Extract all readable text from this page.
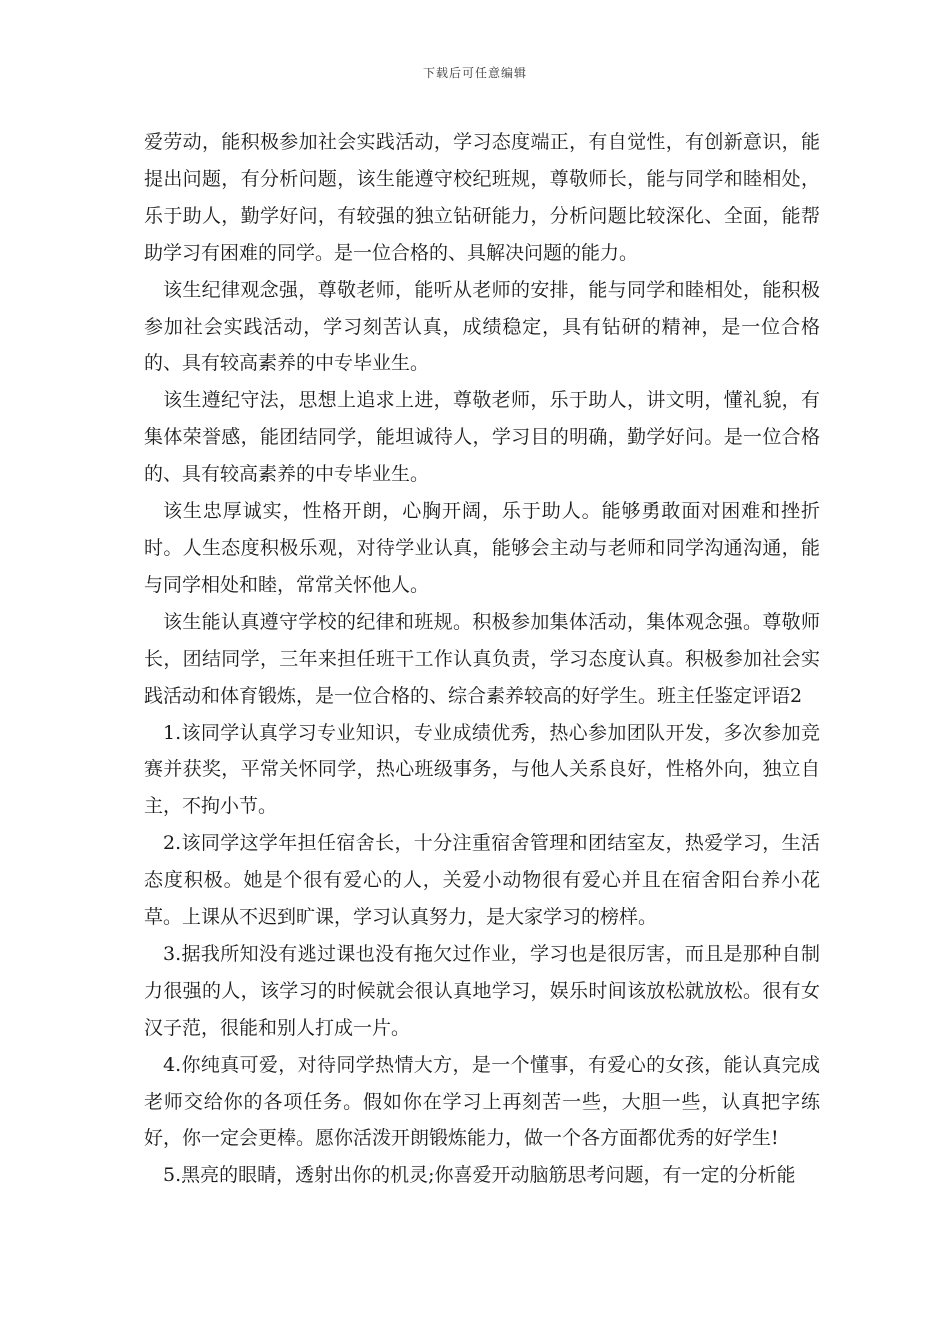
下载后可任意编辑

爱劳动，能积极参加社会实践活动，学习态度端正，有自觉性，有创新意识，能提出问题，有分析问题，该生能遵守校纪班规，尊敬师长，能与同学和睦相处，乐于助人，勤学好问，有较强的独立钻研能力，分析问题比较深化、全面，能帮助学习有困难的同学。是一位合格的、具解决问题的能力。

该生纪律观念强，尊敬老师，能听从老师的安排，能与同学和睦相处，能积极参加社会实践活动，学习刻苦认真，成绩稳定，具有钻研的精神，是一位合格的、具有较高素养的中专毕业生。

该生遵纪守法，思想上追求上进，尊敬老师，乐于助人，讲文明，懂礼貌，有集体荣誉感，能团结同学，能坦诚待人，学习目的明确，勤学好问。是一位合格的、具有较高素养的中专毕业生。

该生忠厚诚实，性格开朗，心胸开阔，乐于助人。能够勇敢面对困难和挫折时。人生态度积极乐观，对待学业认真，能够会主动与老师和同学沟通沟通，能与同学相处和睦，常常关怀他人。

该生能认真遵守学校的纪律和班规。积极参加集体活动，集体观念强。尊敬师长，团结同学，三年来担任班干工作认真负责，学习态度认真。积极参加社会实践活动和体育锻炼，是一位合格的、综合素养较高的好学生。班主任鉴定评语2

1.该同学认真学习专业知识，专业成绩优秀，热心参加团队开发，多次参加竞赛并获奖，平常关怀同学，热心班级事务，与他人关系良好，性格外向，独立自主，不拘小节。

2.该同学这学年担任宿舍长，十分注重宿舍管理和团结室友，热爱学习，生活态度积极。她是个很有爱心的人，关爱小动物很有爱心并且在宿舍阳台养小花草。上课从不迟到旷课，学习认真努力，是大家学习的榜样。

3.据我所知没有逃过课也没有拖欠过作业，学习也是很厉害，而且是那种自制力很强的人，该学习的时候就会很认真地学习，娱乐时间该放松就放松。很有女汉子范，很能和别人打成一片。

4.你纯真可爱，对待同学热情大方，是一个懂事，有爱心的女孩，能认真完成老师交给你的各项任务。假如你在学习上再刻苦一些，大胆一些，认真把字练好，你一定会更棒。愿你活泼开朗锻炼能力，做一个各方面都优秀的好学生!

5.黑亮的眼睛，透射出你的机灵;你喜爱开动脑筋思考问题，有一定的分析能
